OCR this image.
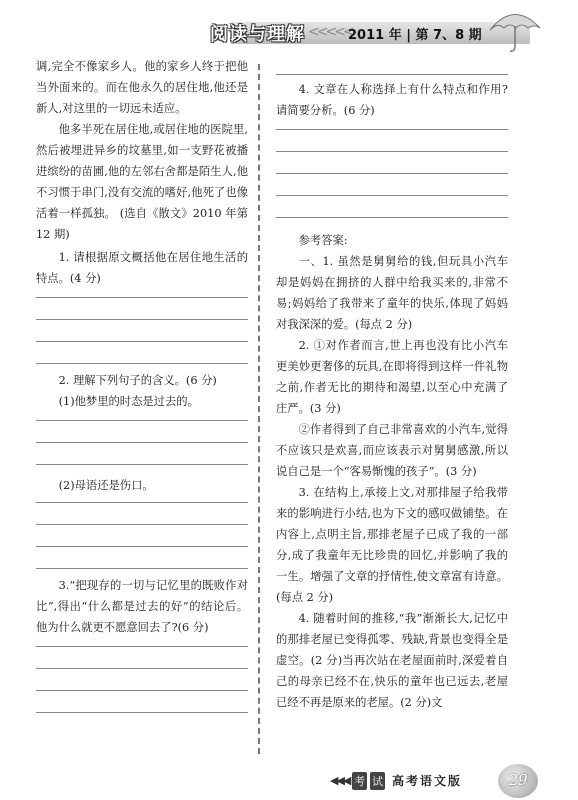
阅读与理解 <<<<<
2011 年 | 第 7、8 期

调,完全不像家乡人。他的家乡人终于把他当外面来的。而在他永久的居住地,他还是新人,对这里的一切远未适应。

他多半死在居住地,或居住地的医院里,然后被埋进异乡的坟墓里,如一支野花被播进缤纷的苗圃,他的左邻右舍都是陌生人,他不习惯于串门,没有交流的嗜好,他死了也像活着一样孤独。 (选自《散文》2010 年第 12 期)

1. 请根据原文概括他在居住地生活的特点。(4 分)

2. 理解下列句子的含义。(6 分)

(1)他梦里的时态是过去的。

(2)母语还是伤口。

3.“把现存的一切与记忆里的既败作对比”,得出“什么都是过去的好”的结论后。他为什么就更不愿意回去了?(6 分)

4. 文章在人称选择上有什么特点和作用?请简要分析。(6 分)

参考答案:

一、1. 虽然是舅舅给的钱,但玩具小汽车却是妈妈在拥挤的人群中给我买来的,非常不易;妈妈给了我带来了童年的快乐,体现了妈妈对我深深的爱。(每点 2 分)

2. ①对作者而言,世上再也没有比小汽车更美妙更奢侈的玩具,在即将得到这样一件礼物之前,作者无比的期待和渴望,以至心中充满了庄严。(3 分)

②作者得到了自己非常喜欢的小汽车,觉得不应该只是欢喜,而应该表示对舅舅感激,所以说自己是一个“客易惭愧的孩子”。(3 分)

3. 在结构上,承接上文,对那排屋子给我带来的影响进行小结,也为下文的感叹做铺垫。在内容上,点明主旨,那排老屋子已成了我的一部分,成了我童年无比珍贵的回忆,并影响了我的一生。增强了文章的抒情性,使文章富有诗意。(每点 2 分)

4. 随着时间的推移,“我”渐渐长大,记忆中的那排老屋已变得孤零、残缺,背景也变得全是虚空。(2 分)当再次站在老屋面前时,深爱着自己的母亲已经不在,快乐的童年也已远去,老屋已经不再是原来的老屋。(2 分)文

◀◀◀ 考 试 高考语文版	29
